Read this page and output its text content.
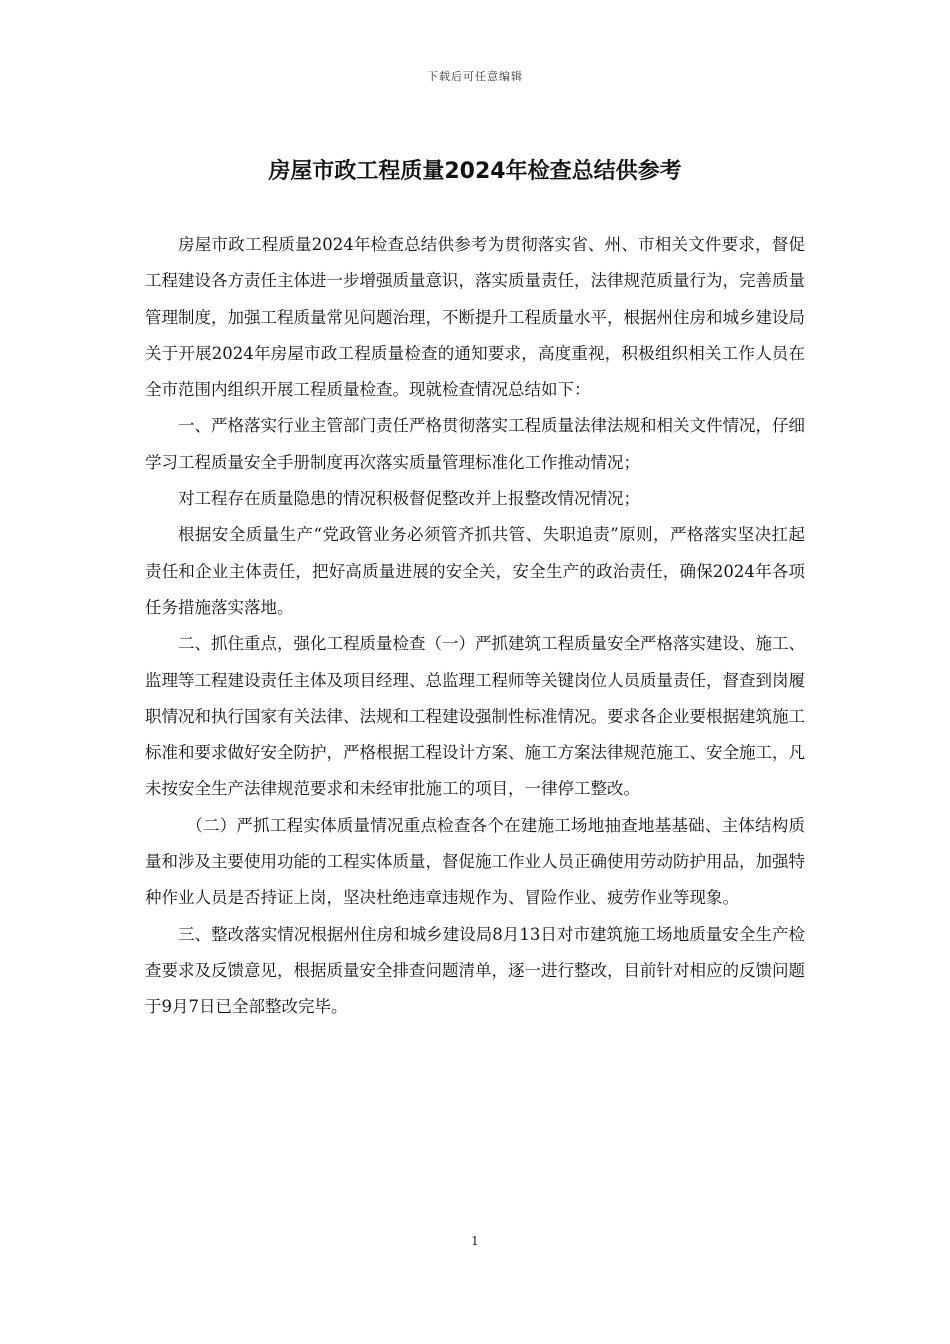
下载后可任意编辑
房屋市政工程质量2024年检查总结供参考

房屋市政工程质量2024年检查总结供参考为贯彻落实省、州、市相关文件要求，督促工程建设各方责任主体进一步增强质量意识，落实质量责任，法律规范质量行为，完善质量管理制度，加强工程质量常见问题治理，不断提升工程质量水平，根据州住房和城乡建设局关于开展2024年房屋市政工程质量检查的通知要求，高度重视，积极组织相关工作人员在全市范围内组织开展工程质量检查。现就检查情况总结如下：

一、严格落实行业主管部门责任严格贯彻落实工程质量法律法规和相关文件情况，仔细学习工程质量安全手册制度再次落实质量管理标准化工作推动情况；

对工程存在质量隐患的情况积极督促整改并上报整改情况情况；

根据安全质量生产“党政管业务必须管齐抓共管、失职追责”原则，严格落实坚决扛起责任和企业主体责任，把好高质量进展的安全关，安全生产的政治责任，确保2024年各项任务措施落实落地。

二、抓住重点，强化工程质量检查（一）严抓建筑工程质量安全严格落实建设、施工、监理等工程建设责任主体及项目经理、总监理工程师等关键岗位人员质量责任，督查到岗履职情况和执行国家有关法律、法规和工程建设强制性标准情况。要求各企业要根据建筑施工标准和要求做好安全防护，严格根据工程设计方案、施工方案法律规范施工、安全施工，凡未按安全生产法律规范要求和未经审批施工的项目，一律停工整改。

（二）严抓工程实体质量情况重点检查各个在建施工场地抽查地基基础、主体结构质量和涉及主要使用功能的工程实体质量，督促施工作业人员正确使用劳动防护用品，加强特种作业人员是否持证上岗，坚决杜绝违章违规作为、冒险作业、疲劳作业等现象。

三、整改落实情况根据州住房和城乡建设局8月13日对市建筑施工场地质量安全生产检查要求及反馈意见，根据质量安全排查问题清单，逐一进行整改，目前针对相应的反馈问题于9月7日已全部整改完毕。

1
